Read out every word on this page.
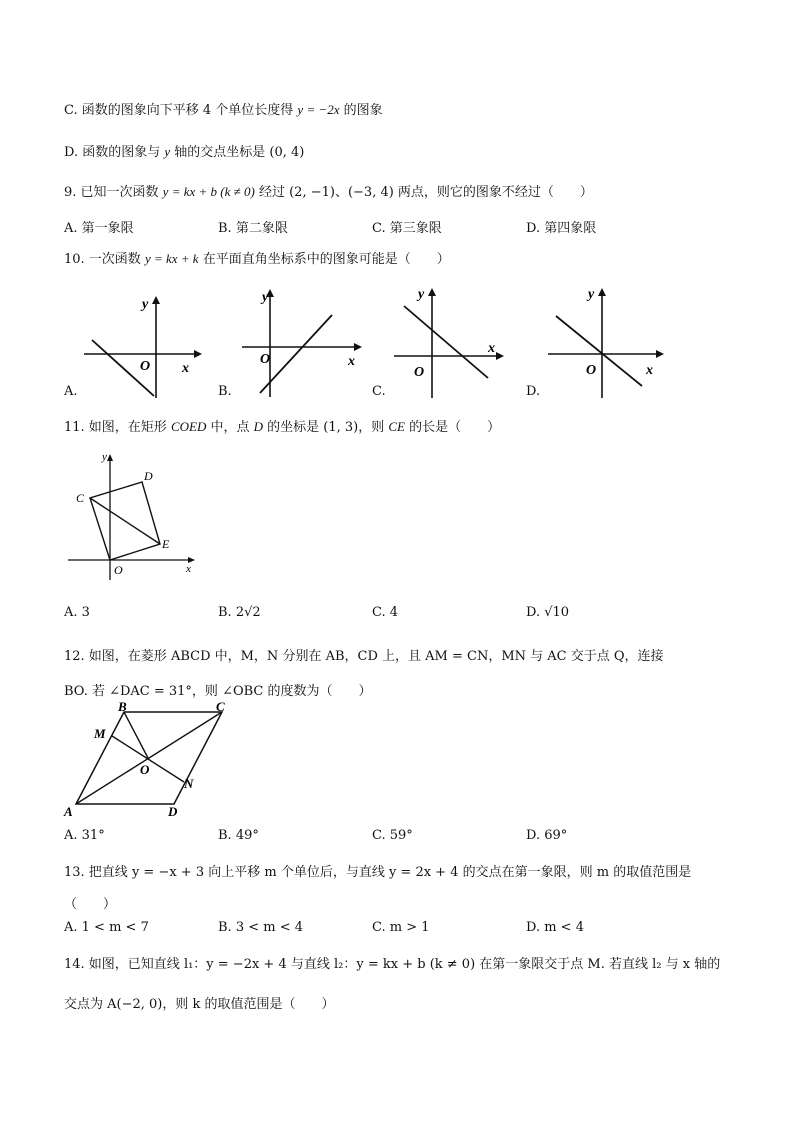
C. 函数的图象向下平移 4 个单位长度得 y = −2x 的图象
D. 函数的图象与 y 轴的交点坐标是 (0, 4)
9. 已知一次函数 y = kx + b (k ≠ 0) 经过 (2, −1)、(−3, 4) 两点，则它的图象不经过（　　）
A. 第一象限	B. 第二象限	C. 第三象限	D. 第四象限
10. 一次函数 y = kx + k 在平面直角坐标系中的图象可能是（　　）
A.
y
O x
B.
y
O	x
C.
y
O
x
D.
y
O	x
11. 如图，在矩形 COED 中，点 D 的坐标是 (1, 3)，则 CE 的长是（　　）
y
C
D
E
O	x
A. 3	B. 2√2	C. 4	D. √10
12. 如图，在菱形 ABCD 中，M，N 分别在 AB，CD 上，且 AM = CN，MN 与 AC 交于点 Q，连接
BO. 若 ∠DAC = 31°，则 ∠OBC 的度数为（　　）
A
B	C
D
M
N
O
A. 31°	B. 49°	C. 59°	D. 69°
13. 把直线 y = −x + 3 向上平移 m 个单位后，与直线 y = 2x + 4 的交点在第一象限，则 m 的取值范围是
（　　）
A. 1 < m < 7	B. 3 < m < 4	C. m > 1	D. m < 4
14. 如图，已知直线 l₁：y = −2x + 4 与直线 l₂：y = kx + b (k ≠ 0) 在第一象限交于点 M. 若直线 l₂ 与 x 轴的
交点为 A(−2, 0)，则 k 的取值范围是（　　）
